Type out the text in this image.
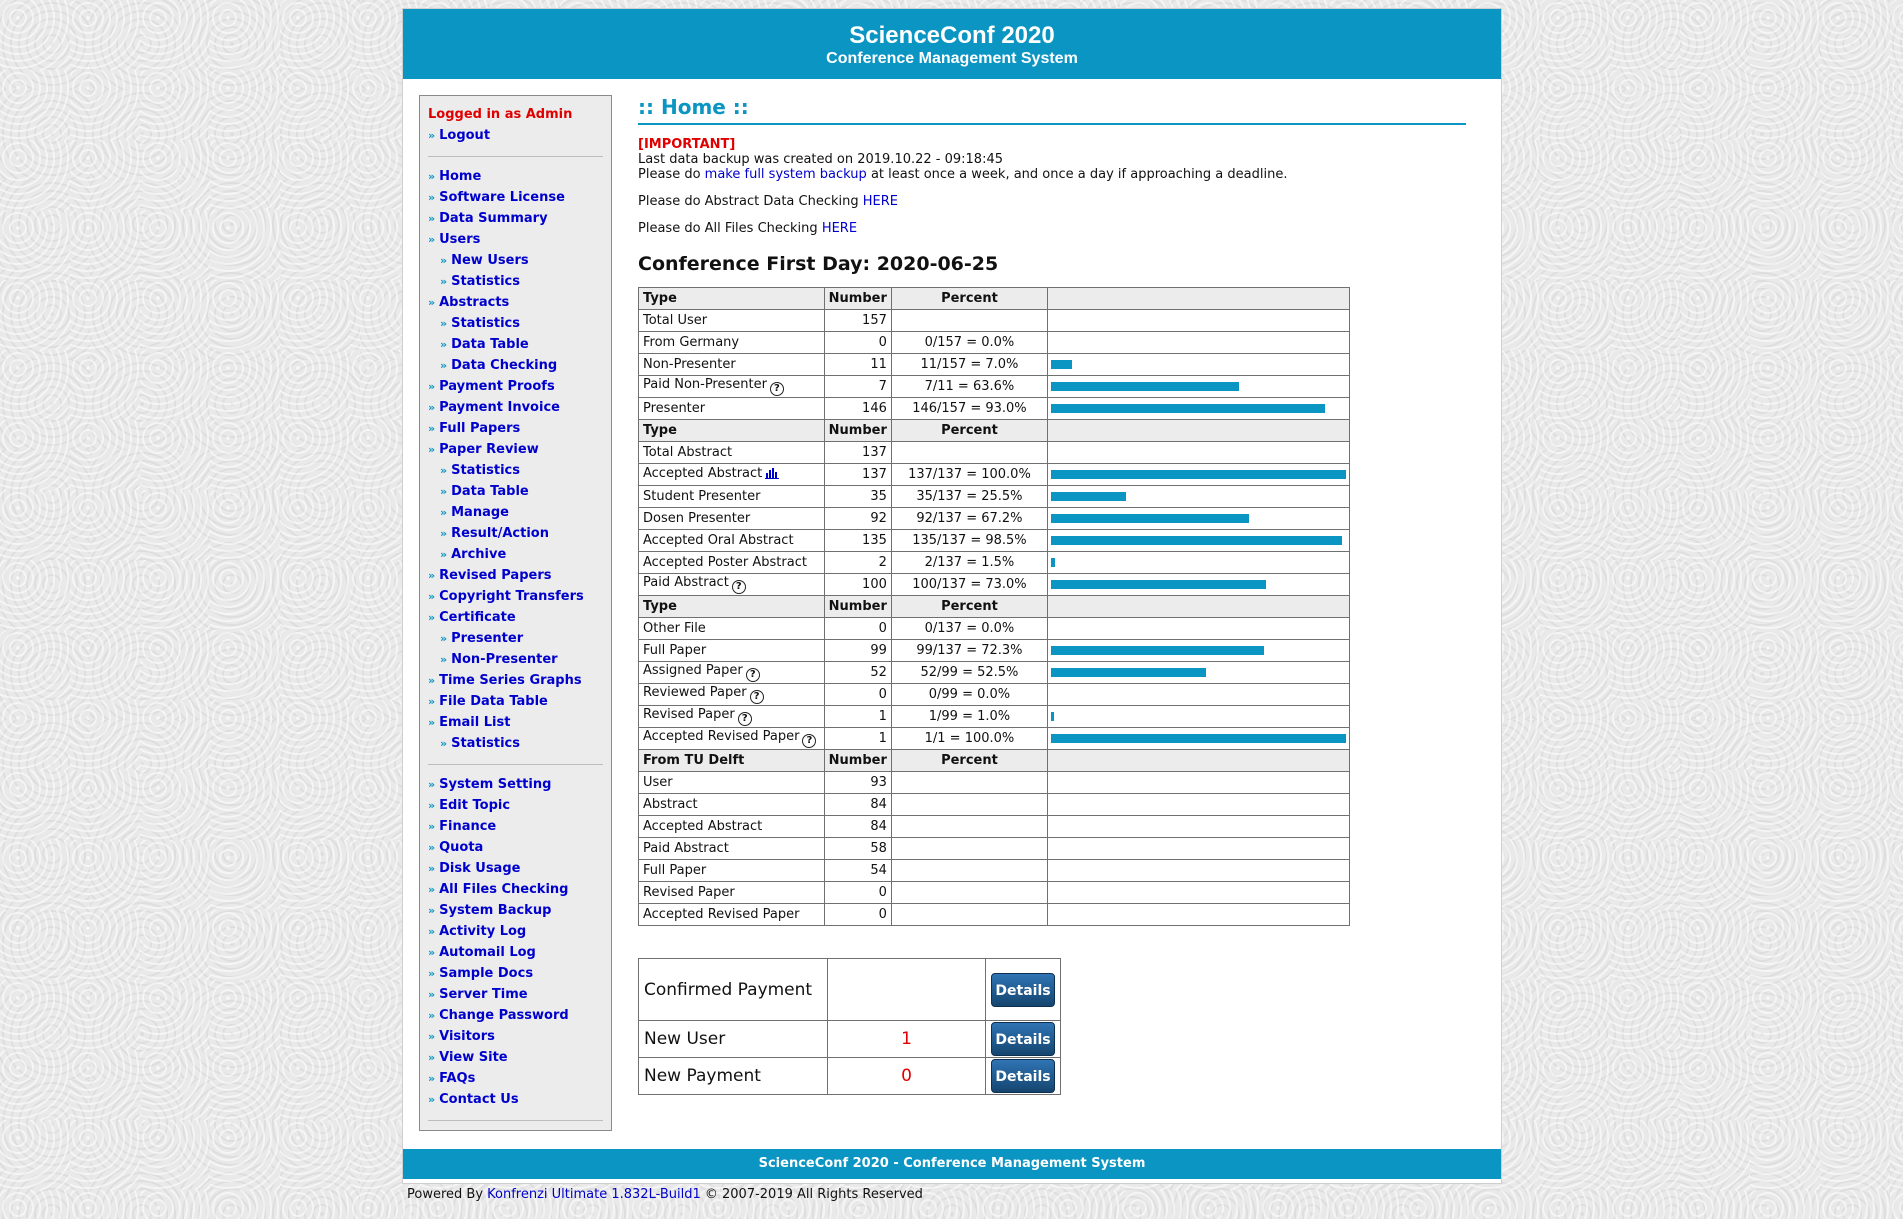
ScienceConf 2020
Conference Management System
Logged in as Admin
» Logout
» Home
» Software License
» Data Summary
» Users
» New Users
» Statistics
» Abstracts
» Statistics
» Data Table
» Data Checking
» Payment Proofs
» Payment Invoice
» Full Papers
» Paper Review
» Statistics
» Data Table
» Manage
» Result/Action
» Archive
» Revised Papers
» Copyright Transfers
» Certificate
» Presenter
» Non-Presenter
» Time Series Graphs
» File Data Table
» Email List
» Statistics
» System Setting
» Edit Topic
» Finance
» Quota
» Disk Usage
» All Files Checking
» System Backup
» Activity Log
» Automail Log
» Sample Docs
» Server Time
» Change Password
» Visitors
» View Site
» FAQs
» Contact Us
:: Home ::
[IMPORTANT]
Last data backup was created on 2019.10.22 - 09:18:45
Please do make full system backup at least once a week, and once a day if approaching a deadline.
Please do Abstract Data Checking HERE
Please do All Files Checking HERE
Conference First Day: 2020-06-25
Type	Number	Percent	
Total User	157		
From Germany	0	0/157 = 0.0%	
Non-Presenter	11	11/157 = 7.0%	

Paid Non-Presenter ?	7	7/11 = 63.6%	

Presenter	146	146/157 = 93.0%	

Type	Number	Percent	
Total Abstract	137		
Accepted Abstract	137	137/137 = 100.0%	

Student Presenter	35	35/137 = 25.5%	

Dosen Presenter	92	92/137 = 67.2%	

Accepted Oral Abstract	135	135/137 = 98.5%	

Accepted Poster Abstract	2	2/137 = 1.5%	

Paid Abstract ?	100	100/137 = 73.0%	

Type	Number	Percent	
Other File	0	0/137 = 0.0%	
Full Paper	99	99/137 = 72.3%	

Assigned Paper ?	52	52/99 = 52.5%	

Reviewed Paper ?	0	0/99 = 0.0%	
Revised Paper ?	1	1/99 = 1.0%	

Accepted Revised Paper ?	1	1/1 = 100.0%	

From TU Delft	Number	Percent	
User	93		
Abstract	84		
Accepted Abstract	84		
Paid Abstract	58		
Full Paper	54		
Revised Paper	0		
Accepted Revised Paper	0		
Confirmed Payment		Details
New User	1	Details
New Payment	0	Details
ScienceConf 2020 - Conference Management System
Powered By Konfrenzi Ultimate 1.832L-Build1 © 2007-2019 All Rights Reserved
